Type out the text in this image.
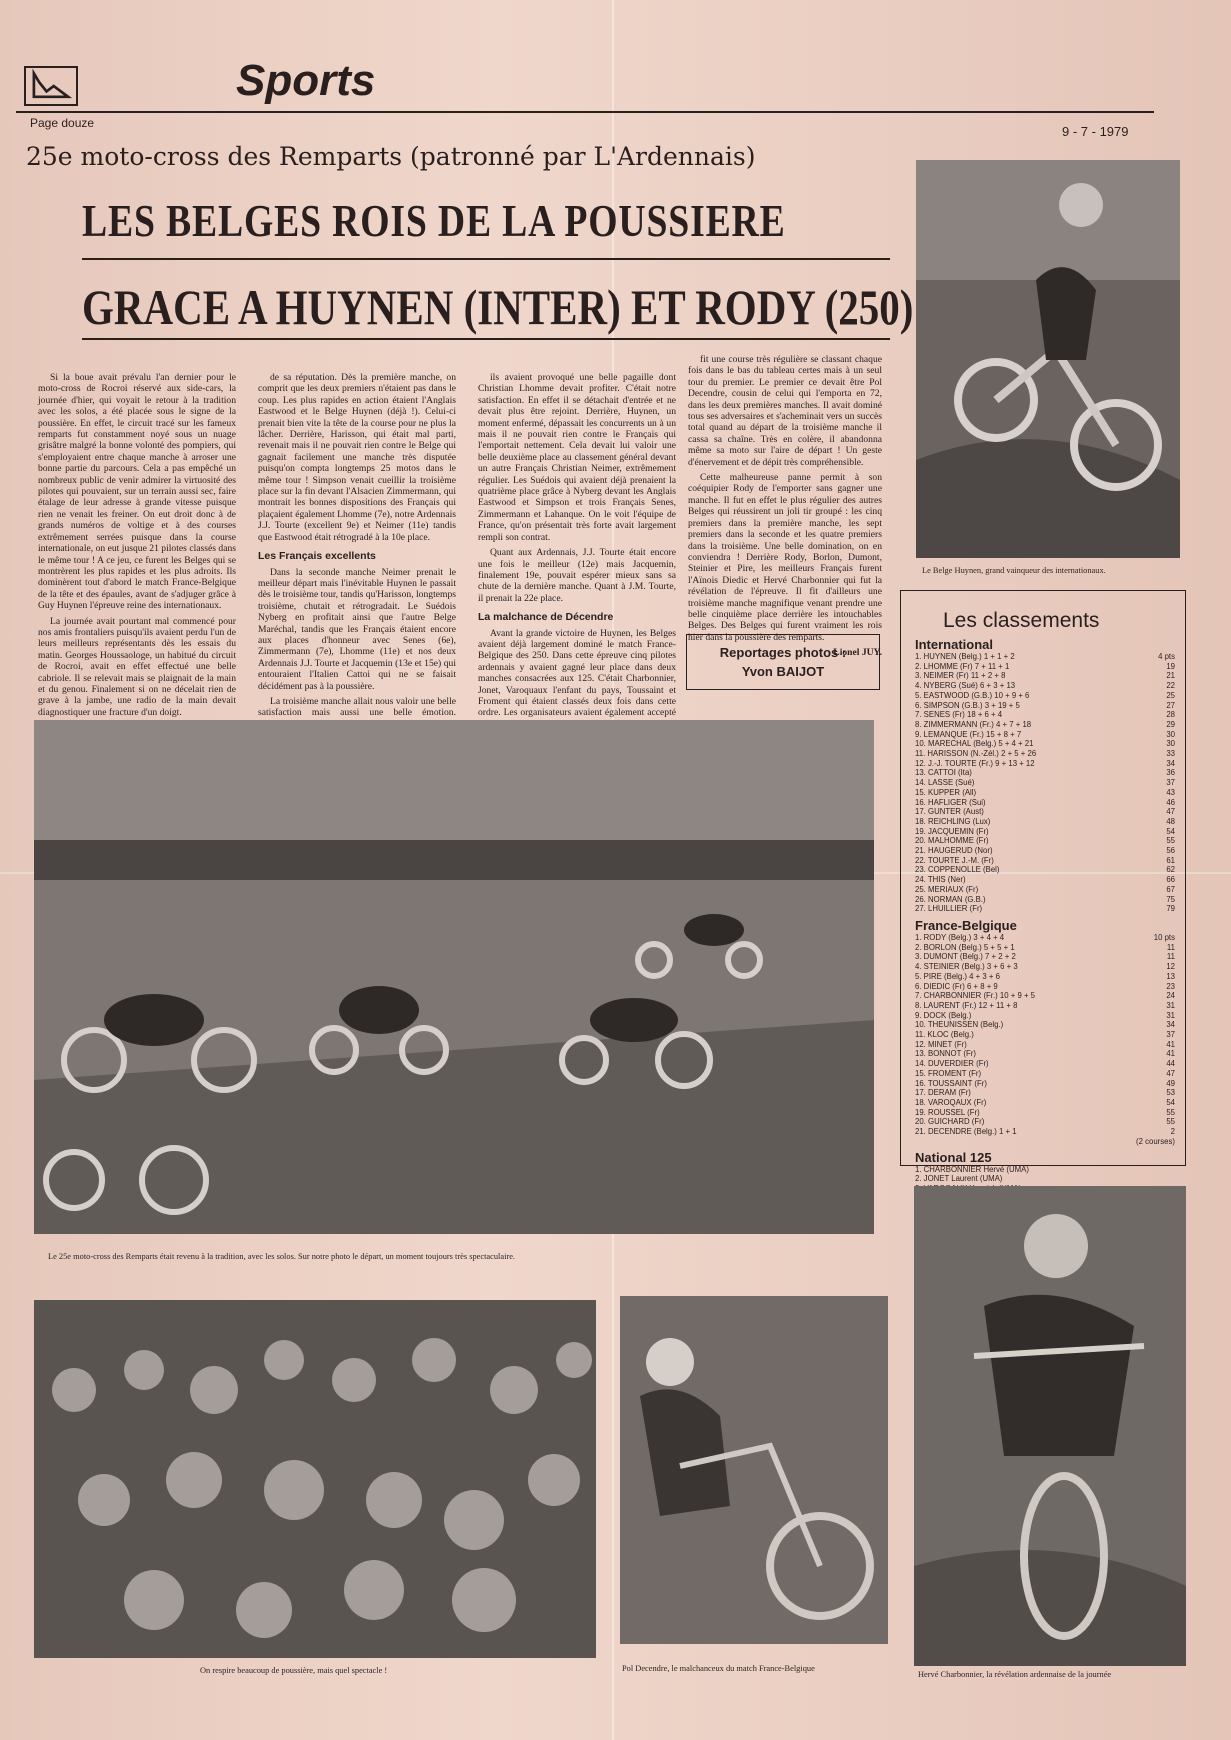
Sports
Page douze
9 - 7 - 1979
25e moto-cross des Remparts (patronné par L'Ardennais)
LES BELGES ROIS DE LA POUSSIERE
GRACE A HUYNEN (INTER) ET RODY (250)

Si la boue avait prévalu l'an dernier pour le moto-cross de Rocroi réservé aux side-cars, la journée d'hier, qui voyait le retour à la tradition avec les solos, a été placée sous le signe de la poussière. En effet, le circuit tracé sur les fameux remparts fut constamment noyé sous un nuage grisâtre malgré la bonne volonté des pompiers, qui s'employaient entre chaque manche à arroser une bonne partie du parcours. Cela a pas empêché un nombreux public de venir admirer la virtuosité des pilotes qui pouvaient, sur un terrain aussi sec, faire étalage de leur adresse à grande vitesse puisque rien ne venait les freiner. On eut droit donc à de grands numéros de voltige et à des courses extrêmement serrées puisque dans la course internationale, on eut jusque 21 pilotes classés dans le même tour ! A ce jeu, ce furent les Belges qui se montrèrent les plus rapides et les plus adroits. Ils dominèrent tout d'abord le match France-Belgique de la tête et des épaules, avant de s'adjuger grâce à Guy Huynen l'épreuve reine des internationaux.

La journée avait pourtant mal commencé pour nos amis frontaliers puisqu'ils avaient perdu l'un de leurs meilleurs représentants dès les essais du matin. Georges Houssaologe, un habitué du circuit de Rocroi, avait en effet effectué une belle cabriole. Il se relevait mais se plaignait de la main et du genou. Finalement si on ne décelait rien de grave à la jambe, une radio de la main devait diagnostiquer une fracture d'un doigt.

de sa réputation. Dès la première manche, on comprit que les deux premiers n'étaient pas dans le coup. Les plus rapides en action étaient l'Anglais Eastwood et le Belge Huynen (déjà !). Celui-ci prenait bien vite la tête de la course pour ne plus la lâcher. Derrière, Harisson, qui était mal parti, revenait mais il ne pouvait rien contre le Belge qui gagnait facilement une manche très disputée puisqu'on compta longtemps 25 motos dans le même tour ! Simpson venait cueillir la troisième place sur la fin devant l'Alsacien Zimmermann, qui montrait les bonnes dispositions des Français qui plaçaient également Lhomme (7e), notre Ardennais J.J. Tourte (excellent 9e) et Neimer (11e) tandis que Eastwood était rétrogradé à la 10e place.

Les Français excellents

Dans la seconde manche Neimer prenait le meilleur départ mais l'inévitable Huynen le passait dès le troisième tour, tandis qu'Harisson, longtemps troisième, chutait et rétrogradait. Le Suédois Nyberg en profitait ainsi que l'autre Belge Maréchal, tandis que les Français étaient encore aux places d'honneur avec Senes (6e), Zimmermann (7e), Lhomme (11e) et nos deux Ardennais J.J. Tourte et Jacquemin (13e et 15e) qui entouraient l'Italien Cattoi qui ne se faisait décidément pas à la poussière.

La troisième manche allait nous valoir une belle satisfaction mais aussi une belle émotion.

ils avaient provoqué une belle pagaille dont Christian Lhomme devait profiter. C'était notre satisfaction. En effet il se détachait d'entrée et ne devait plus être rejoint. Derrière, Huynen, un moment enfermé, dépassait les concurrents un à un mais il ne pouvait rien contre le Français qui l'emportait nettement. Cela devait lui valoir une belle deuxième place au classement général devant un autre Français Christian Neimer, extrêmement régulier. Les Suédois qui avaient déjà prenaient la quatrième place grâce à Nyberg devant les Anglais Eastwood et Simpson et trois Français Senes, Zimmermann et Lahanque. On le voit l'équipe de France, qu'on présentait très forte avait largement rempli son contrat.

Quant aux Ardennais, J.J. Tourte était encore une fois le meilleur (12e) mais Jacquemin, finalement 19e, pouvait espérer mieux sans sa chute de la dernière manche. Quant à J.M. Tourte, il prenait la 22e place.

La malchance de Décendre

Avant la grande victoire de Huynen, les Belges avaient déjà largement dominé le match France-Belgique des 250. Dans cette épreuve cinq pilotes ardennais y avaient gagné leur place dans deux manches consacrées aux 125. C'était Charbonnier, Jonet, Varoquaux l'enfant du pays, Toussaint et Froment qui étaient classés deux fois dans cette ordre. Les organisateurs avaient également accepté

fit une course très régulière se classant chaque fois dans le bas du tableau certes mais à un seul tour du premier. Le premier ce devait être Pol Decendre, cousin de celui qui l'emporta en 72, dans les deux premières manches. Il avait dominé tous ses adversaires et s'acheminait vers un succès total quand au départ de la troisième manche il cassa sa chaîne. Très en colère, il abandonna même sa moto sur l'aire de départ ! Un geste d'énervement et de dépit très compréhensible.

Cette malheureuse panne permit à son coéquipier Rody de l'emporter sans gagner une manche. Il fut en effet le plus régulier des autres Belges qui réussirent un joli tir groupé : les cinq premiers dans la première manche, les sept premiers dans la seconde et les quatre premiers dans la troisième. Une belle domination, on en conviendra ! Derrière Rody, Borlon, Dumont, Steinier et Pire, les meilleurs Français furent l'Aïnois Diedic et Hervé Charbonnier qui fut la révélation de l'épreuve. Il fit d'ailleurs une troisième manche magnifique venant prendre une belle cinquième place derrière les intouchables Belges. Des Belges qui furent vraiment les rois hier dans la poussière des remparts.

Lionel JUY.

Reportages photos :
Yvon BAIJOT
Le Belge Huynen, grand vainqueur des internationaux.
Le 25e moto-cross des Remparts était revenu à la tradition, avec les solos. Sur notre photo le départ, un moment toujours très spectaculaire.
Les classements
International
1. HUYNEN (Belg.) 1 + 1 + 2	4 pts
2. LHOMME (Fr) 7 + 11 + 1	19
3. NEIMER (Fr) 11 + 2 + 8	21
4. NYBERG (Sué) 6 + 3 + 13	22
5. EASTWOOD (G.B.) 10 + 9 + 6	25
6. SIMPSON (G.B.) 3 + 19 + 5	27
7. SENES (Fr) 18 + 6 + 4	28
8. ZIMMERMANN (Fr.) 4 + 7 + 18	29
9. LEMANQUE (Fr.) 15 + 8 + 7	30
10. MARECHAL (Belg.) 5 + 4 + 21	30
11. HARISSON (N.-Zél.) 2 + 5 + 26	33
12. J.-J. TOURTE (Fr.) 9 + 13 + 12	34
13. CATTOI (Ita)	36
14. LASSE (Sué)	37
15. KUPPER (All)	43
16. HAFLIGER (Sui)	46
17. GUNTER (Aust)	47
18. REICHLING (Lux)	48
19. JACQUEMIN (Fr)	54
20. MALHOMME (Fr)	55
21. HAUGERUD (Nor)	56
22. TOURTE J.-M. (Fr)	61
23. COPPENOLLE (Bel)	62
24. THIS (Ner)	66
25. MERIAUX (Fr)	67
26. NORMAN (G.B.)	75
27. LHUILLIER (Fr)	79
France-Belgique
1. RODY (Belg.) 3 + 4 + 4	10 pts
2. BORLON (Belg.) 5 + 5 + 1	11
3. DUMONT (Belg.) 7 + 2 + 2	11
4. STEINIER (Belg.) 3 + 6 + 3	12
5. PIRE (Belg.) 4 + 3 + 6	13
6. DIEDIC (Fr) 6 + 8 + 9	23
7. CHARBONNIER (Fr.) 10 + 9 + 5	24
8. LAURENT (Fr.) 12 + 11 + 8	31
9. DOCK (Belg.)	31
10. THEUNISSEN (Belg.)	34
11. KLOC (Belg.)	37
12. MINET (Fr)	41
13. BONNOT (Fr)	41
14. DUVERDIER (Fr)	44
15. FROMENT (Fr)	47
16. TOUSSAINT (Fr)	49
17. DERAM (Fr)	53
18. VAROQAUX (Fr)	54
19. ROUSSEL (Fr)	55
20. GUICHARD (Fr)	55
21. DECENDRE (Belg.) 1 + 1	2
(2 courses)
National 125
1. CHARBONNIER Hervé (UMA)
2. JONET Laurent (UMA)
Hervé Charbonnier, la révélation ardennaise de la journée
On respire beaucoup de poussière, mais quel spectacle !	Pol Decendre, le malchanceux du match France-Belgique
